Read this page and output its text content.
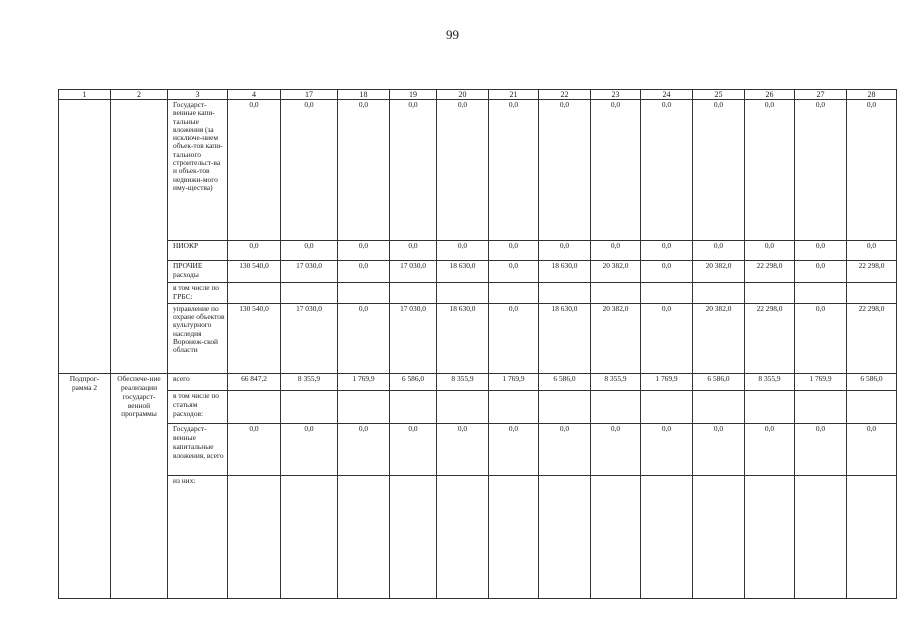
99
1	2	3	4	17	18	19	20	21	22	23	24	25	26	27	28
		Государст-венные капи-тальные вложения (за исключе-нием объек-тов капи-тального строительст-ва и объек-тов недвижи-мого иму-щества)	0,0	0,0	0,0	0,0	0,0	0,0	0,0	0,0	0,0	0,0	0,0	0,0	0,0
		НИОКР	0,0	0,0	0,0	0,0	0,0	0,0	0,0	0,0	0,0	0,0	0,0	0,0	0,0
		ПРОЧИЕ расходы	130 540,0	17 030,0	0,0	17 030,0	18 630,0	0,0	18 630,0	20 382,0	0,0	20 382,0	22 298,0	0,0	22 298,0
		в том числе по ГРБС:													
		управление по охране объектов культурного наследия Воронеж-ской области	130 540,0	17 030,0	0,0	17 030,0	18 630,0	0,0	18 630,0	20 382,0	0,0	20 382,0	22 298,0	0,0	22 298,0
Подпрог-рамма 2	Обеспече-ние реализации государст-венной программы	всего	66 847,2	8 355,9	1 769,9	6 586,0	8 355,9	1 769,9	6 586,0	8 355,9	1 769,9	6 586,0	8 355,9	1 769,9	6 586,0
		в том числе по статьям расходов:													
		Государст-венные капитальные вложения, всего	0,0	0,0	0,0	0,0	0,0	0,0	0,0	0,0	0,0	0,0	0,0	0,0	0,0
		из них:													
